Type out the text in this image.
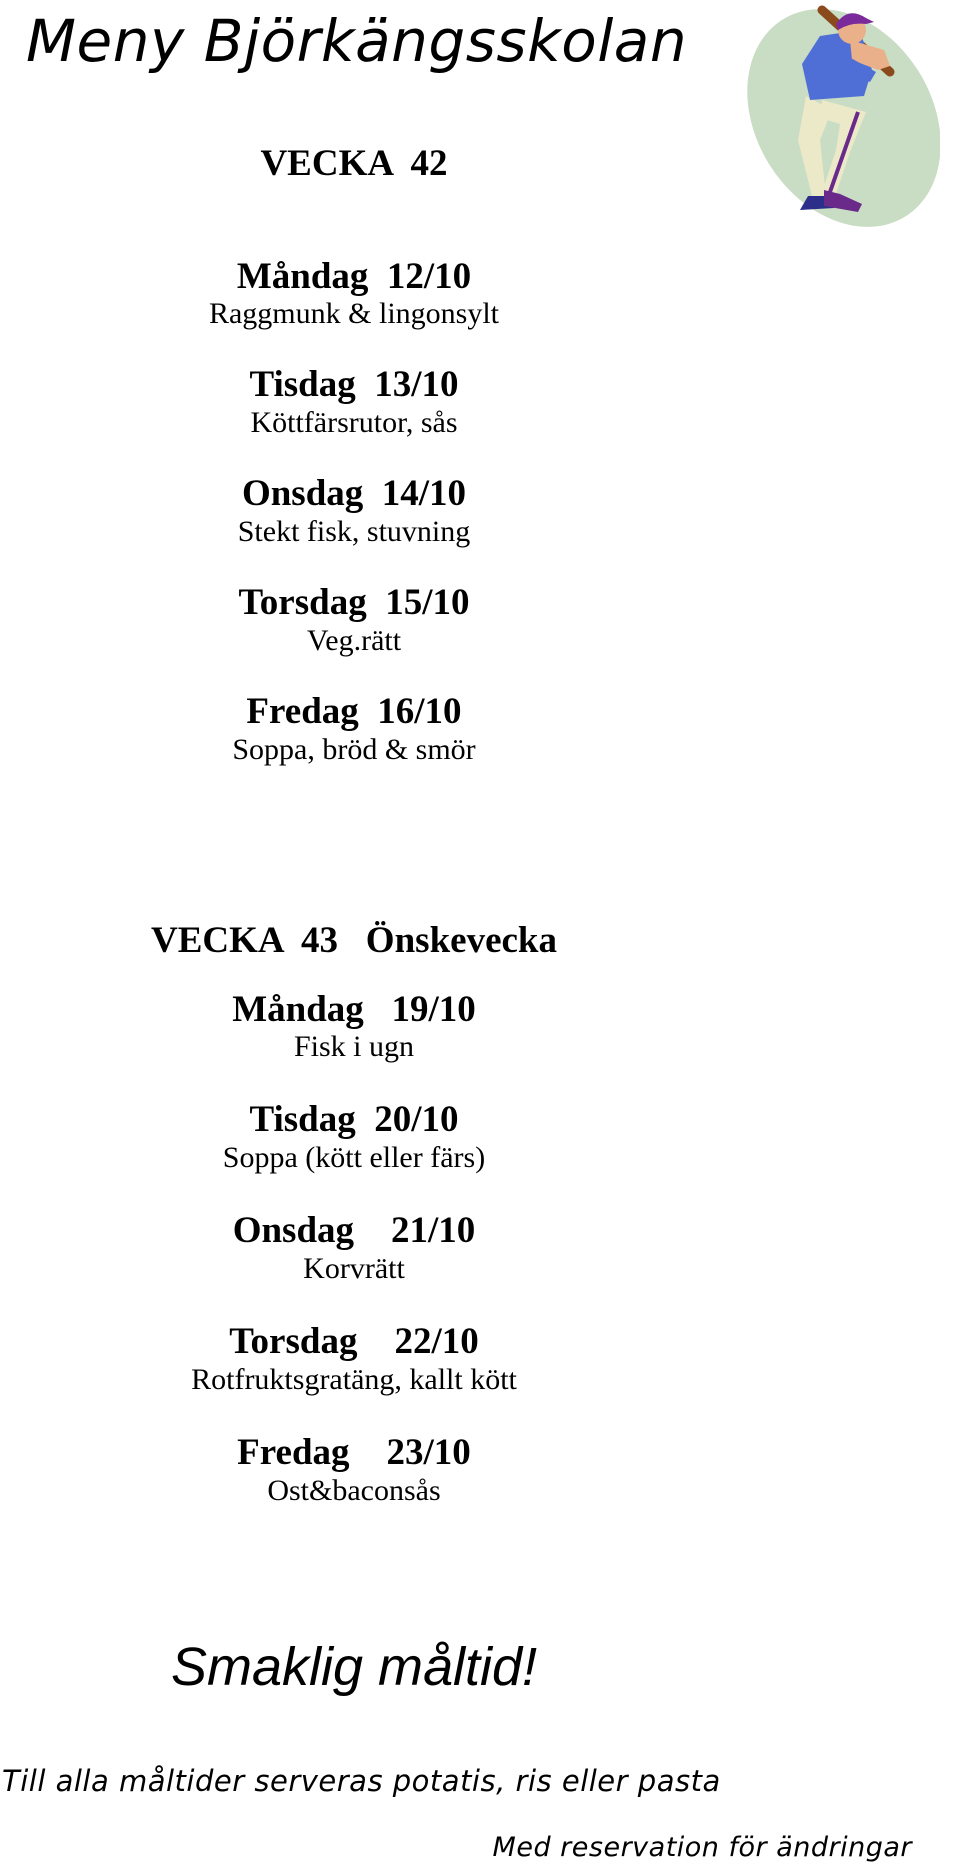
Meny Björkängsskolan
VECKA  42
Måndag  12/10
Raggmunk & lingonsylt
Tisdag  13/10
Köttfärsrutor, sås
Onsdag  14/10
Stekt fisk, stuvning
Torsdag  15/10
Veg.rätt
Fredag  16/10
Soppa, bröd & smör
VECKA  43   Önskevecka
Måndag   19/10
Fisk i ugn
Tisdag  20/10
Soppa (kött eller färs)
Onsdag    21/10
Korvrätt
Torsdag    22/10
Rotfruktsgratäng, kallt kött
Fredag    23/10
Ost&baconsås
Smaklig måltid!
Till alla måltider serveras potatis, ris eller pasta
Med reservation för ändringar
